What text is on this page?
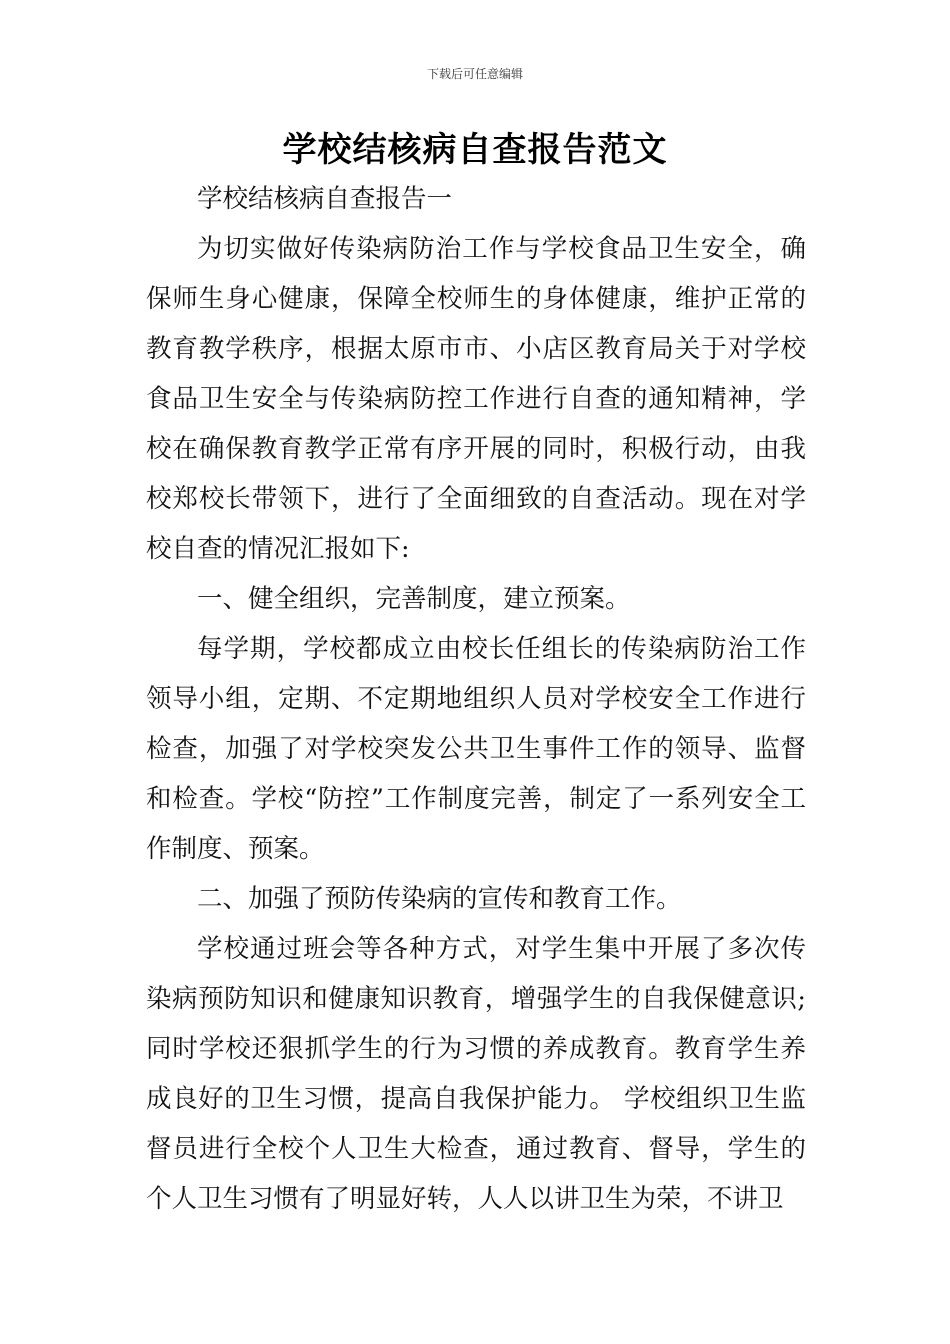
下载后可任意编辑
学校结核病自查报告范文

学校结核病自查报告一

为切实做好传染病防治工作与学校食品卫生安全，确保师生身心健康，保障全校师生的身体健康，维护正常的教育教学秩序，根据太原市市、小店区教育局关于对学校食品卫生安全与传染病防控工作进行自查的通知精神，学校在确保教育教学正常有序开展的同时，积极行动，由我校郑校长带领下，进行了全面细致的自查活动。现在对学校自查的情况汇报如下:

一、健全组织，完善制度，建立预案。

每学期，学校都成立由校长任组长的传染病防治工作领导小组，定期、不定期地组织人员对学校安全工作进行检查，加强了对学校突发公共卫生事件工作的领导、监督和检查。学校“防控”工作制度完善，制定了一系列安全工作制度、预案。

二、加强了预防传染病的宣传和教育工作。

学校通过班会等各种方式，对学生集中开展了多次传染病预防知识和健康知识教育，增强学生的自我保健意识;同时学校还狠抓学生的行为习惯的养成教育。教育学生养成良好的卫生习惯，提高自我保护能力。 学校组织卫生监督员进行全校个人卫生大检查，通过教育、督导，学生的个人卫生习惯有了明显好转，人人以讲卫生为荣，不讲卫
